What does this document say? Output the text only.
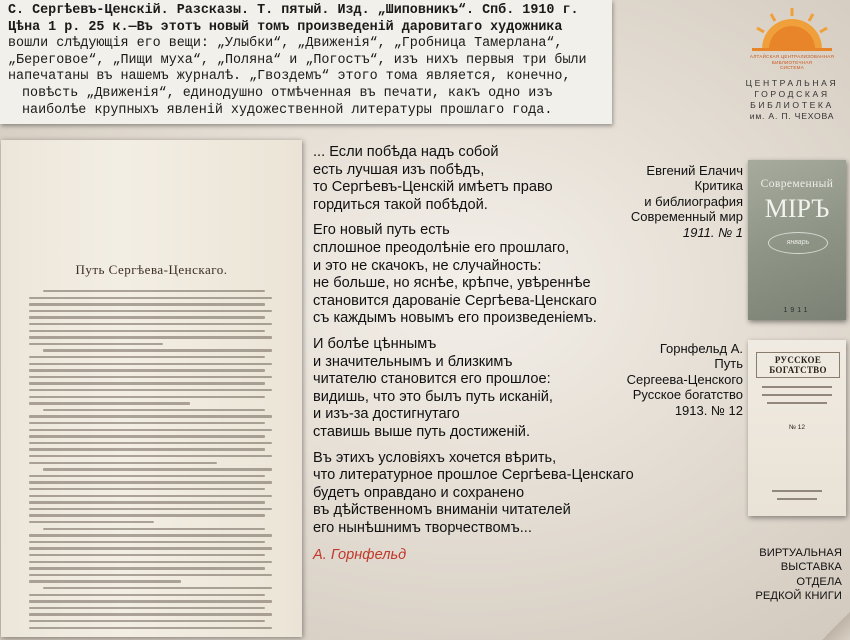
С. Сергѣевъ-Ценскій. Разсказы. Т. пятый. Изд. „Шиповникъ“. Спб. 1910 г.
Цѣна 1 р. 25 к.—Въ этотъ новый томъ произведеній даровитаго художника
вошли слѣдующія его вещи: „Улыбки“, „Движенія“, „Гробница Тамерлана“,
„Береговое“, „Пищи муха“, „Поляна“ и „Погостъ“, изъ нихъ первыя три были
напечатаны въ нашемъ журналѣ. „Гвоздемъ“ этого тома является, конечно,
повѣсть „Движенія“, единодушно отмѣченная въ печати, какъ одно изъ
наиболѣе крупныхъ явленій художественной литературы прошлаго года.
АЛТАЙСКАЯ ЦЕНТРАЛИЗОВАННАЯ
БИБЛИОТЕЧНАЯ
СИСТЕМА
ЦЕНТРАЛЬНАЯ
ГОРОДСКАЯ
БИБЛИОТЕКА
им. А. П. ЧЕХОВА
Путь Сергѣева-Ценскаго.

... Если побѣда надъ собой
есть лучшая изъ побѣдъ,
то Сергѣевъ-Ценскій имѣетъ право
гордиться такой побѣдой.

Его новый путь есть
сплошное преодолѣніе его прошлаго,
и это не скачокъ, не случайность:
не больше, но яснѣе, крѣпче, увѣреннѣе
становится дарованіе Сергѣева-Ценскаго
съ каждымъ новымъ его произведеніемъ.

И болѣе цѣннымъ
и значительнымъ и близкимъ
читателю становится его прошлое:
видишь, что это былъ путь исканій,
и изъ-за достигнутаго
ставишь выше путь достиженій.

Въ этихъ условіяхъ хочется вѣрить,
что литературное прошлое Сергѣева-Ценскаго
будетъ оправдано и сохранено
въ дѣйственномъ вниманіи читателей
его нынѣшнимъ творчествомъ...
А. Горнфельд

Евгений Елачич
Критика
и библиография
Современный мир
1911. № 1
Горнфельд А.
Путь
Сергеева-Ценского
Русское богатство
1913. № 12
Современный
МIРЪ
январь
1911
РУССКОЕ БОГАТСТВО
№ 12
ВИРТУАЛЬНАЯ
ВЫСТАВКА
ОТДЕЛА
РЕДКОЙ КНИГИ
